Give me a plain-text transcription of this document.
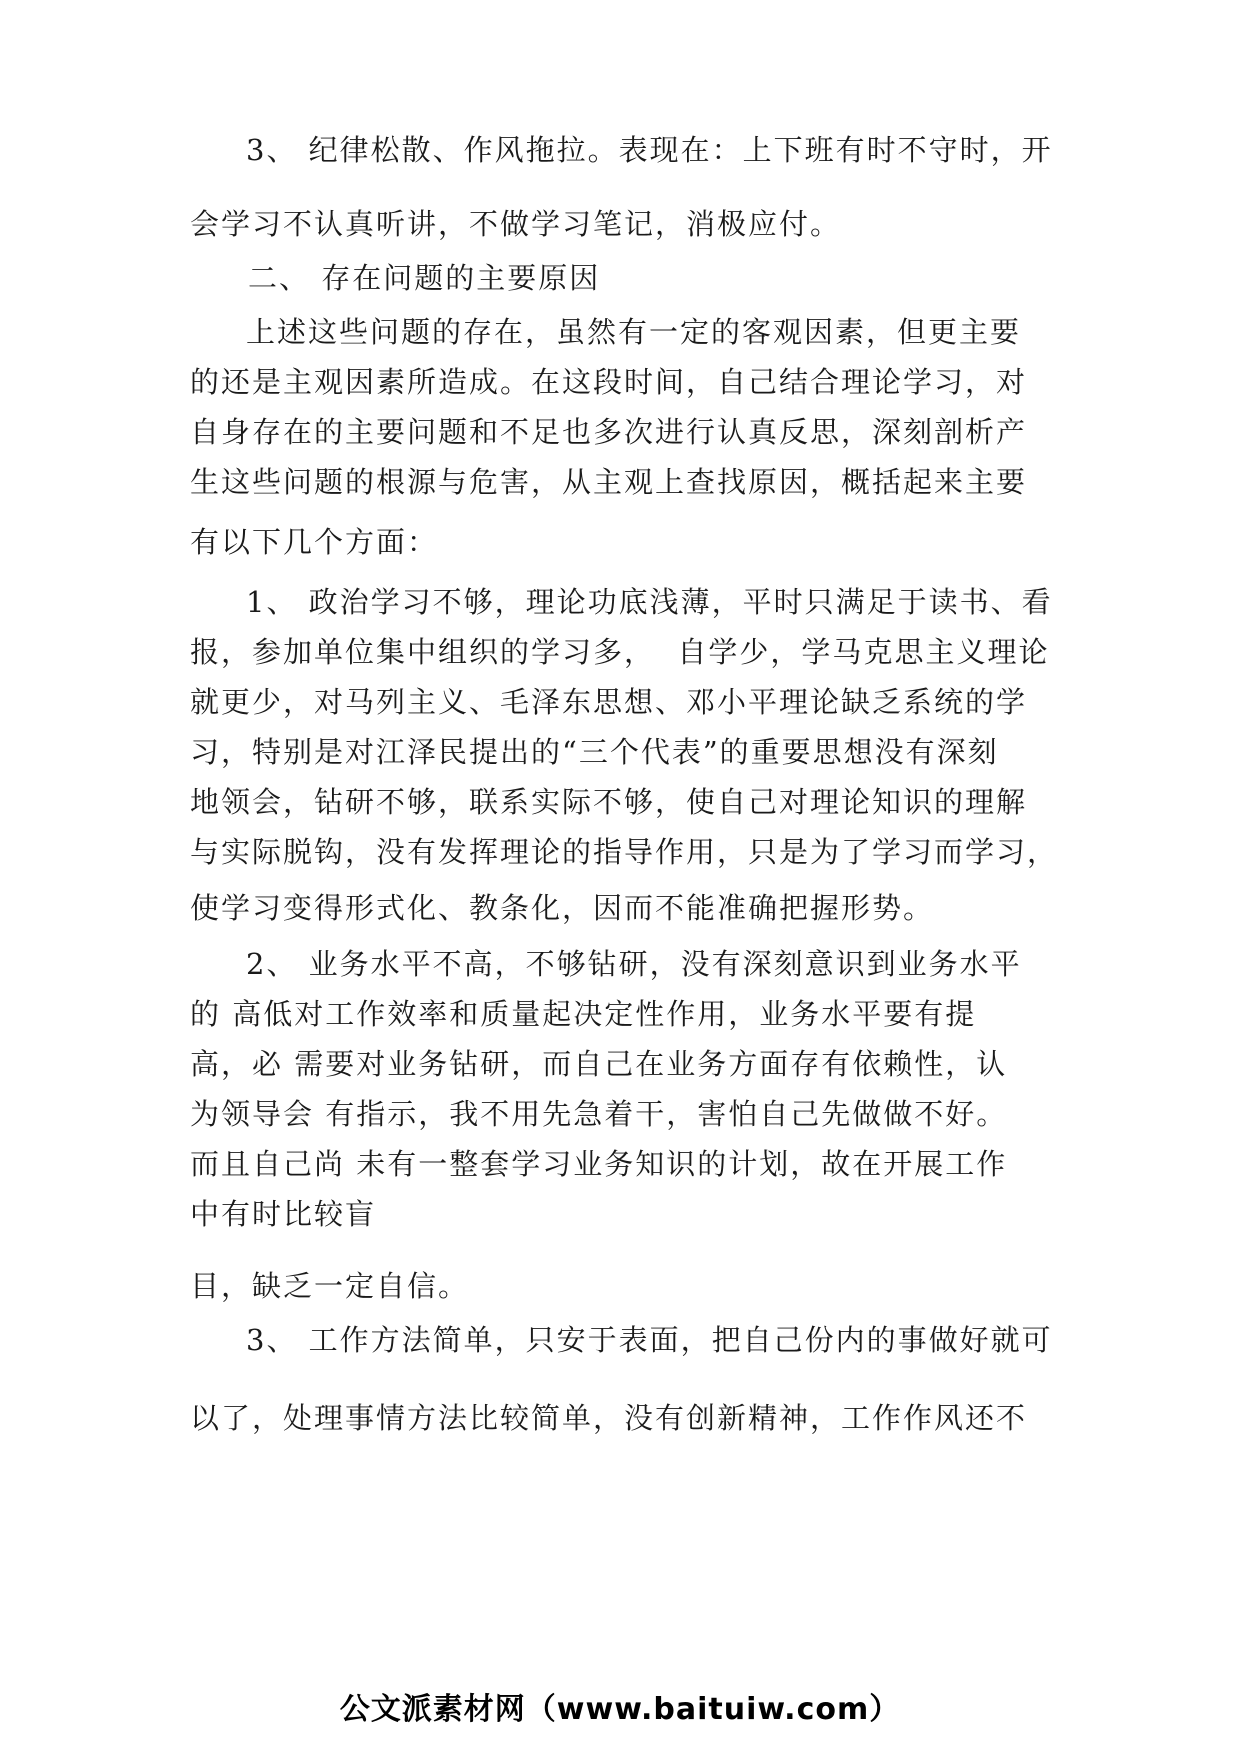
3、 纪律松散、作风拖拉。表现在：上下班有时不守时，开
会学习不认真听讲，不做学习笔记，消极应付。
二、 存在问题的主要原因
上述这些问题的存在，虽然有一定的客观因素，但更主要
的还是主观因素所造成。在这段时间，自己结合理论学习，对
自身存在的主要问题和不足也多次进行认真反思，深刻剖析产
生这些问题的根源与危害，从主观上查找原因，概括起来主要
有以下几个方面：
1、 政治学习不够，理论功底浅薄，平时只满足于读书、看
报，参加单位集中组织的学习多，  自学少，学马克思主义理论
就更少，对马列主义、毛泽东思想、邓小平理论缺乏系统的学
习，特别是对江泽民提出的“三个代表”的重要思想没有深刻
地领会，钻研不够，联系实际不够，使自己对理论知识的理解
与实际脱钩，没有发挥理论的指导作用，只是为了学习而学习，
使学习变得形式化、教条化，因而不能准确把握形势。
2、 业务水平不高，不够钻研，没有深刻意识到业务水平
的 高低对工作效率和质量起决定性作用，业务水平要有提
高，必 需要对业务钻研，而自己在业务方面存有依赖性，认
为领导会 有指示，我不用先急着干，害怕自己先做做不好。
而且自己尚 未有一整套学习业务知识的计划，故在开展工作
中有时比较盲
目，缺乏一定自信。
3、 工作方法简单，只安于表面，把自己份内的事做好就可
以了，处理事情方法比较简单，没有创新精神，工作作风还不
公文派素材网（www.baituiw.com）
